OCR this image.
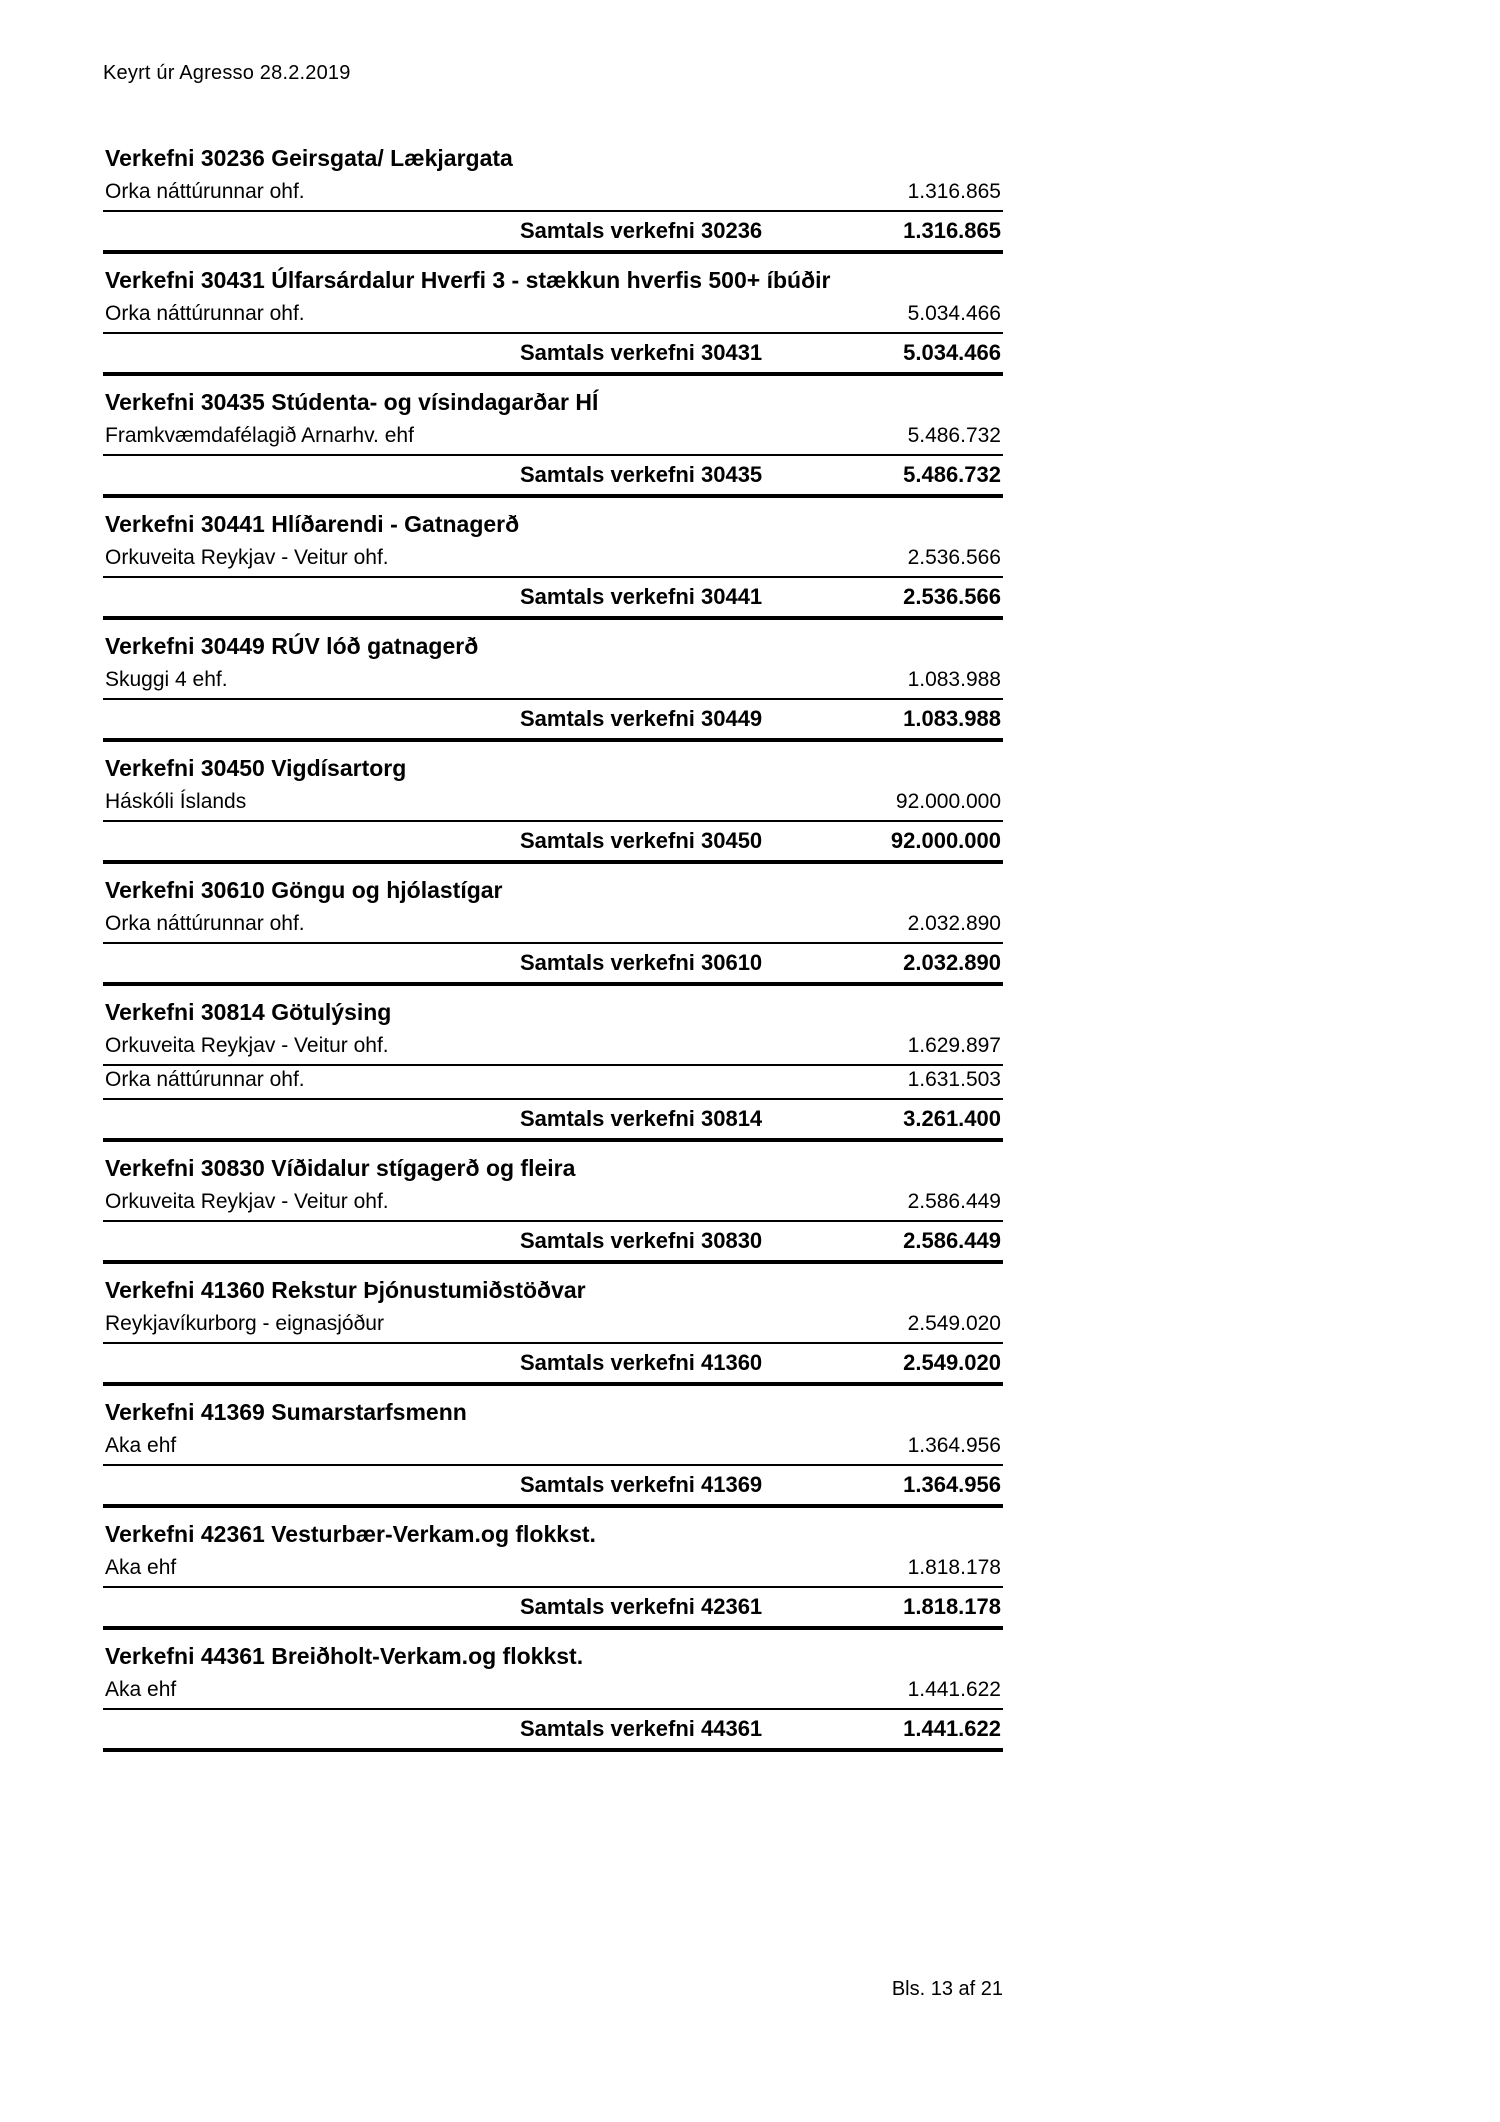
Keyrt úr Agresso 28.2.2019
Verkefni 30236 Geirsgata/ Lækjargata
Orka náttúrunnar ohf.	1.316.865
Samtals verkefni 30236	1.316.865
Verkefni 30431 Úlfarsárdalur Hverfi 3 - stækkun hverfis 500+ íbúðir
Orka náttúrunnar ohf.	5.034.466
Samtals verkefni 30431	5.034.466
Verkefni 30435 Stúdenta- og vísindagarðar HÍ
Framkvæmdafélagið Arnarhv. ehf	5.486.732
Samtals verkefni 30435	5.486.732
Verkefni 30441 Hlíðarendi - Gatnagerð
Orkuveita Reykjav - Veitur ohf.	2.536.566
Samtals verkefni 30441	2.536.566
Verkefni 30449 RÚV lóð gatnagerð
Skuggi 4 ehf.	1.083.988
Samtals verkefni 30449	1.083.988
Verkefni 30450 Vigdísartorg
Háskóli Íslands	92.000.000
Samtals verkefni 30450	92.000.000
Verkefni 30610 Göngu og hjólastígar
Orka náttúrunnar ohf.	2.032.890
Samtals verkefni 30610	2.032.890
Verkefni 30814 Götulýsing
Orkuveita Reykjav - Veitur ohf.	1.629.897
Orka náttúrunnar ohf.	1.631.503
Samtals verkefni 30814	3.261.400
Verkefni 30830 Víðidalur stígagerð og fleira
Orkuveita Reykjav - Veitur ohf.	2.586.449
Samtals verkefni 30830	2.586.449
Verkefni 41360 Rekstur Þjónustumiðstöðvar
Reykjavíkurborg - eignasjóður	2.549.020
Samtals verkefni 41360	2.549.020
Verkefni 41369 Sumarstarfsmenn
Aka ehf	1.364.956
Samtals verkefni 41369	1.364.956
Verkefni 42361 Vesturbær-Verkam.og flokkst.
Aka ehf	1.818.178
Samtals verkefni 42361	1.818.178
Verkefni 44361 Breiðholt-Verkam.og flokkst.
Aka ehf	1.441.622
Samtals verkefni 44361	1.441.622
Bls. 13 af 21
